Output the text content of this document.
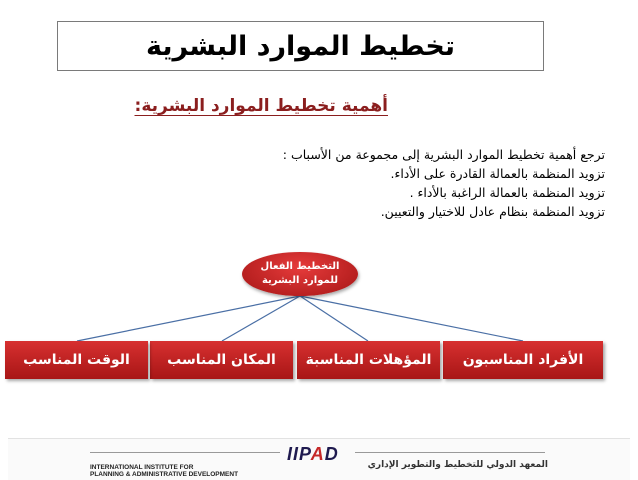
تخطيط الموارد البشرية
أهمية تخطيط الموارد البشرية:
ترجع أهمية تخطيط الموارد البشرية إلى مجموعة من الأسباب :
تزويد المنظمة بالعمالة القادرة على الأداء.
تزويد المنظمة بالعمالة الراغبة بالأداء .
تزويد المنظمة بنظام عادل للاختيار والتعيين.
التخطيط الفعال
للموارد البشرية
الأفراد المناسبون
المؤهلات المناسبة
المكان المناسب
الوقت المناسب
IIPAD
INTERNATIONAL INSTITUTE FOR
PLANNING & ADMINISTRATIVE DEVELOPMENT
المعهد الدولي للتخطيط والتطوير الإداري
